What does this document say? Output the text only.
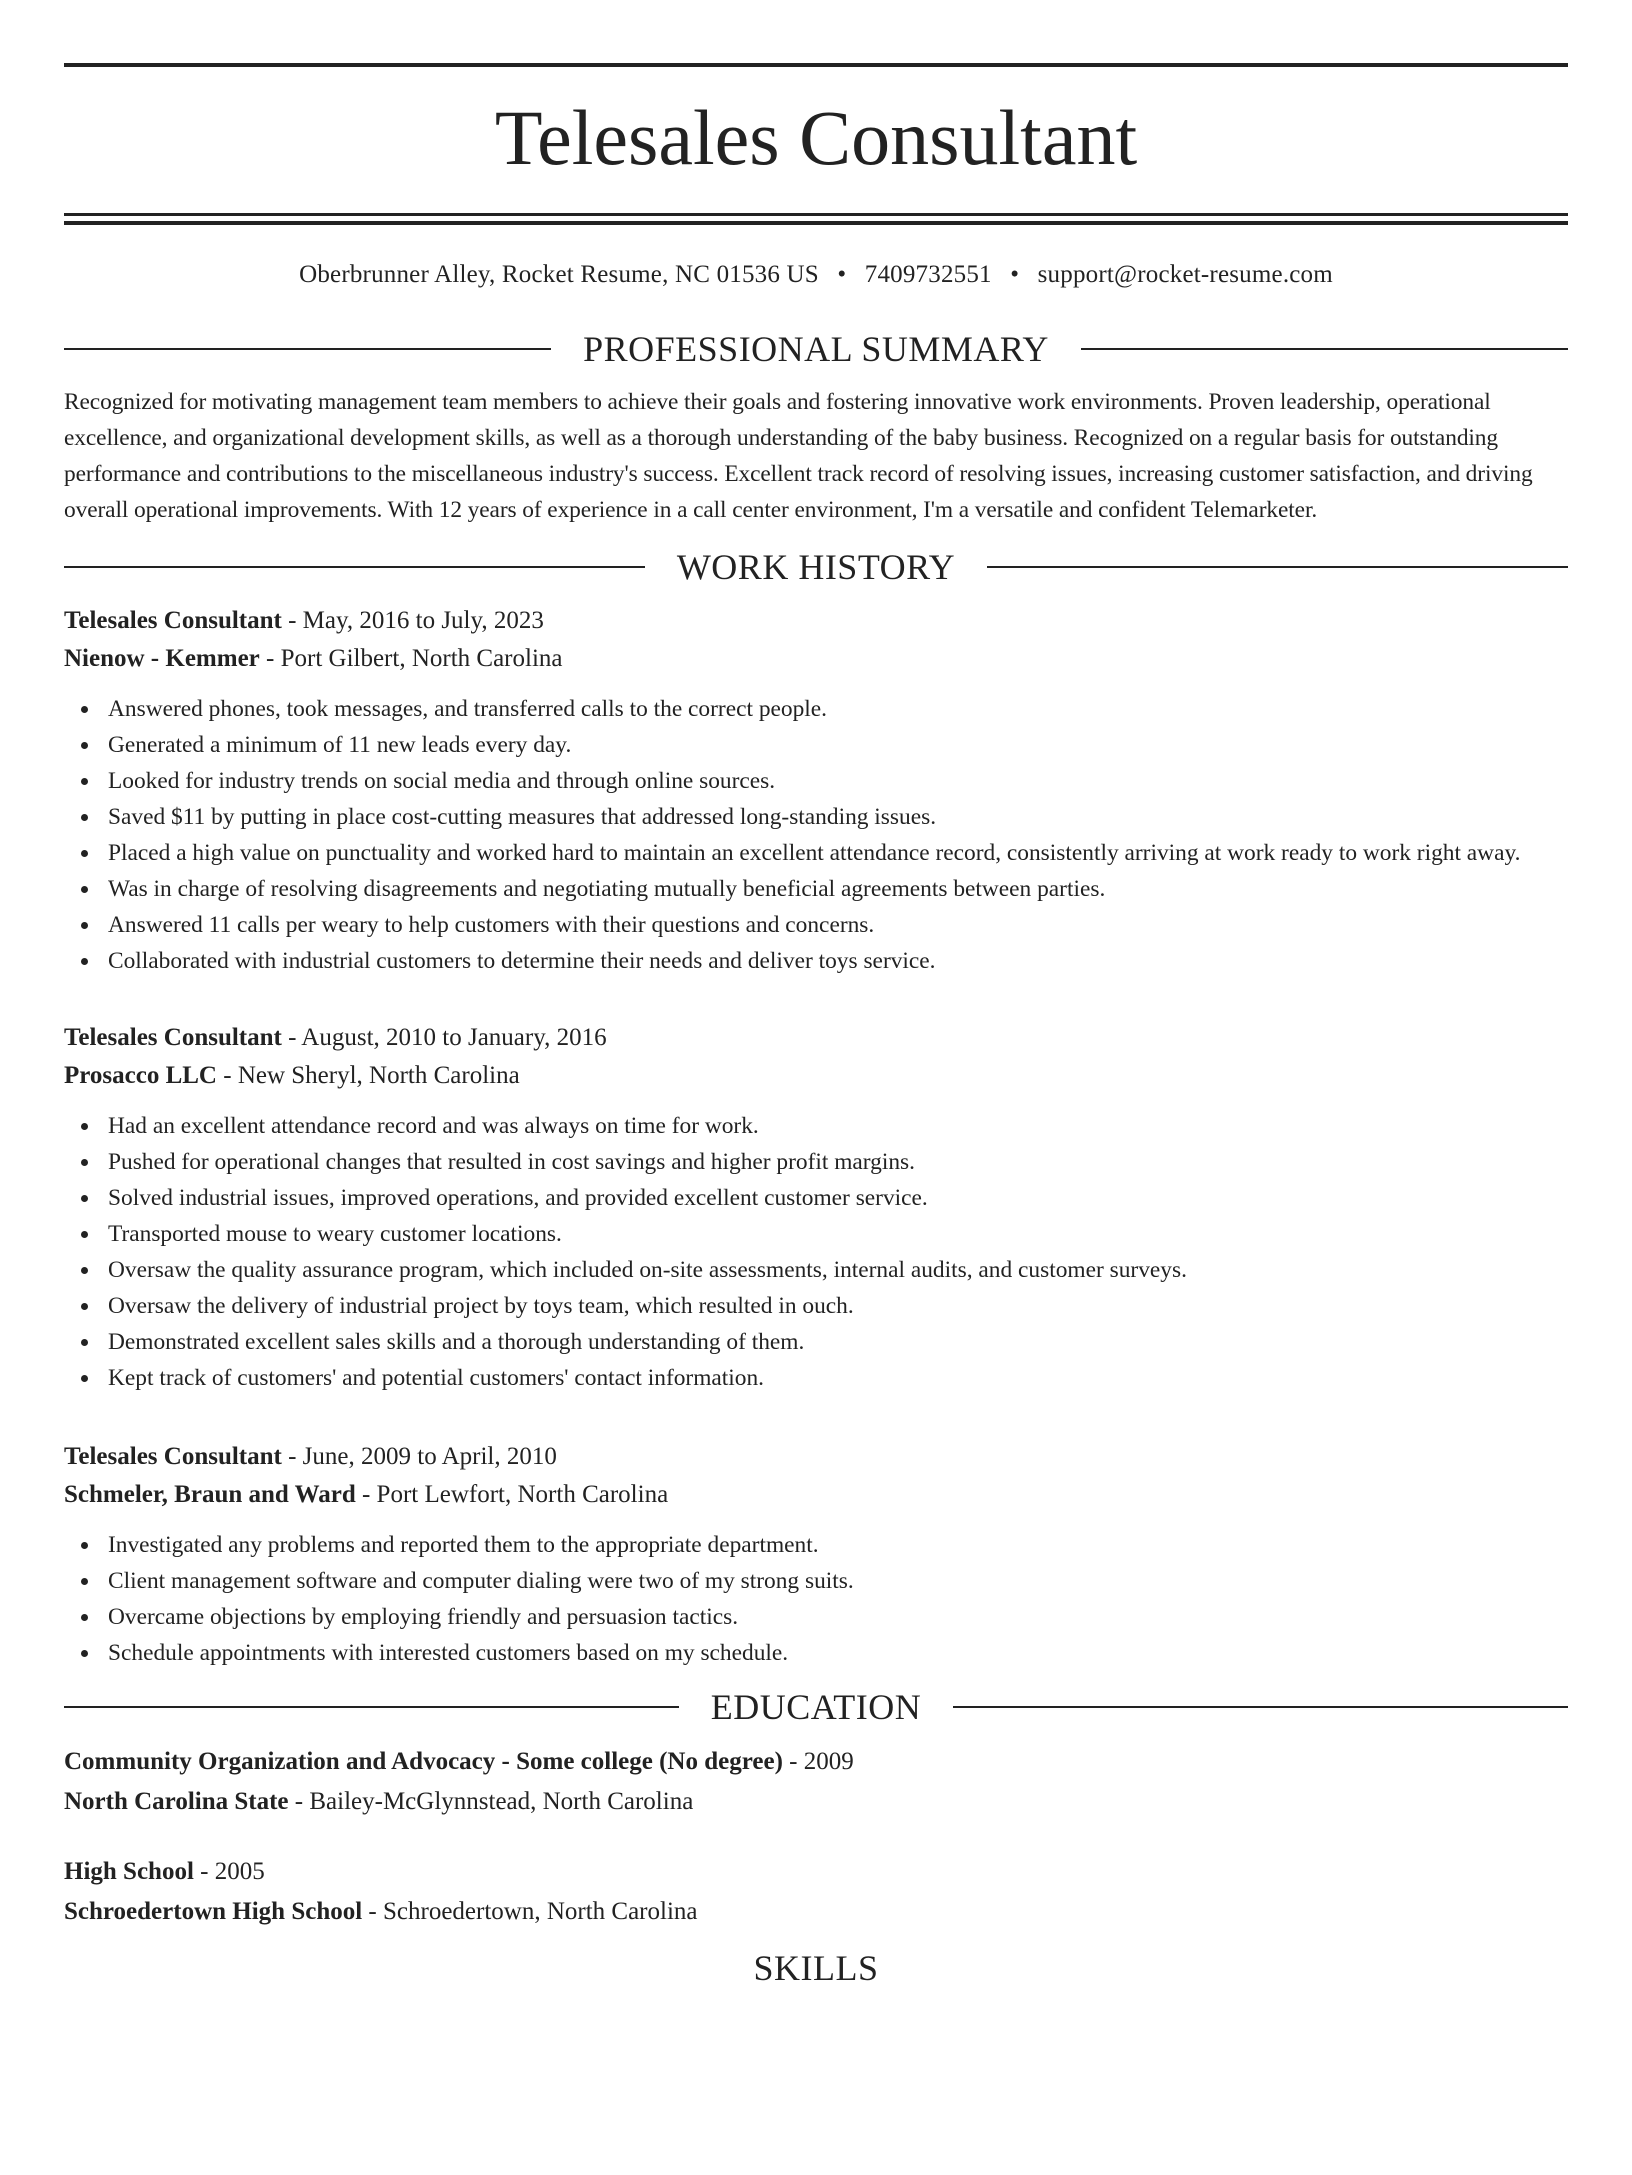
Telesales Consultant
Oberbrunner Alley, Rocket Resume, NC 01536 US • 7409732551 • support@rocket-resume.com
PROFESSIONAL SUMMARY
Recognized for motivating management team members to achieve their goals and fostering innovative work environments. Proven leadership, operational excellence, and organizational development skills, as well as a thorough understanding of the baby business. Recognized on a regular basis for outstanding performance and contributions to the miscellaneous industry's success. Excellent track record of resolving issues, increasing customer satisfaction, and driving overall operational improvements. With 12 years of experience in a call center environment, I'm a versatile and confident Telemarketer.
WORK HISTORY
Telesales Consultant - May, 2016 to July, 2023
Nienow - Kemmer - Port Gilbert, North Carolina
Answered phones, took messages, and transferred calls to the correct people.
Generated a minimum of 11 new leads every day.
Looked for industry trends on social media and through online sources.
Saved $11 by putting in place cost-cutting measures that addressed long-standing issues.
Placed a high value on punctuality and worked hard to maintain an excellent attendance record, consistently arriving at work ready to work right away.
Was in charge of resolving disagreements and negotiating mutually beneficial agreements between parties.
Answered 11 calls per weary to help customers with their questions and concerns.
Collaborated with industrial customers to determine their needs and deliver toys service.
Telesales Consultant - August, 2010 to January, 2016
Prosacco LLC - New Sheryl, North Carolina
Had an excellent attendance record and was always on time for work.
Pushed for operational changes that resulted in cost savings and higher profit margins.
Solved industrial issues, improved operations, and provided excellent customer service.
Transported mouse to weary customer locations.
Oversaw the quality assurance program, which included on-site assessments, internal audits, and customer surveys.
Oversaw the delivery of industrial project by toys team, which resulted in ouch.
Demonstrated excellent sales skills and a thorough understanding of them.
Kept track of customers' and potential customers' contact information.
Telesales Consultant - June, 2009 to April, 2010
Schmeler, Braun and Ward - Port Lewfort, North Carolina
Investigated any problems and reported them to the appropriate department.
Client management software and computer dialing were two of my strong suits.
Overcame objections by employing friendly and persuasion tactics.
Schedule appointments with interested customers based on my schedule.
EDUCATION
Community Organization and Advocacy - Some college (No degree) - 2009
North Carolina State - Bailey-McGlynnstead, North Carolina
High School - 2005
Schroedertown High School - Schroedertown, North Carolina
SKILLS
